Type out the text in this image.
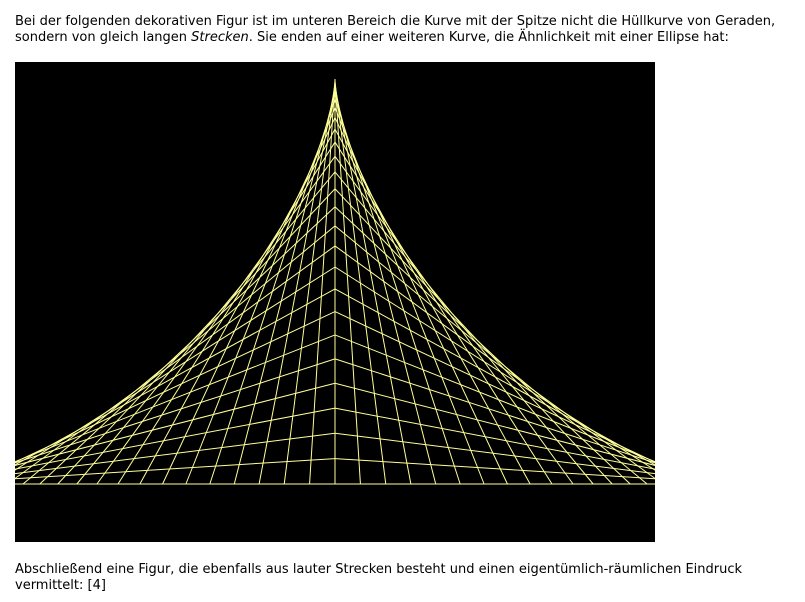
Bei der folgenden dekorativen Figur ist im unteren Bereich die Kurve mit der Spitze nicht die Hüllkurve von Geraden, sondern von gleich langen Strecken. Sie enden auf einer weiteren Kurve, die Ähnlichkeit mit einer Ellipse hat:

Abschließend eine Figur, die ebenfalls aus lauter Strecken besteht und einen eigentümlich-räumlichen Eindruck vermittelt: [4]
